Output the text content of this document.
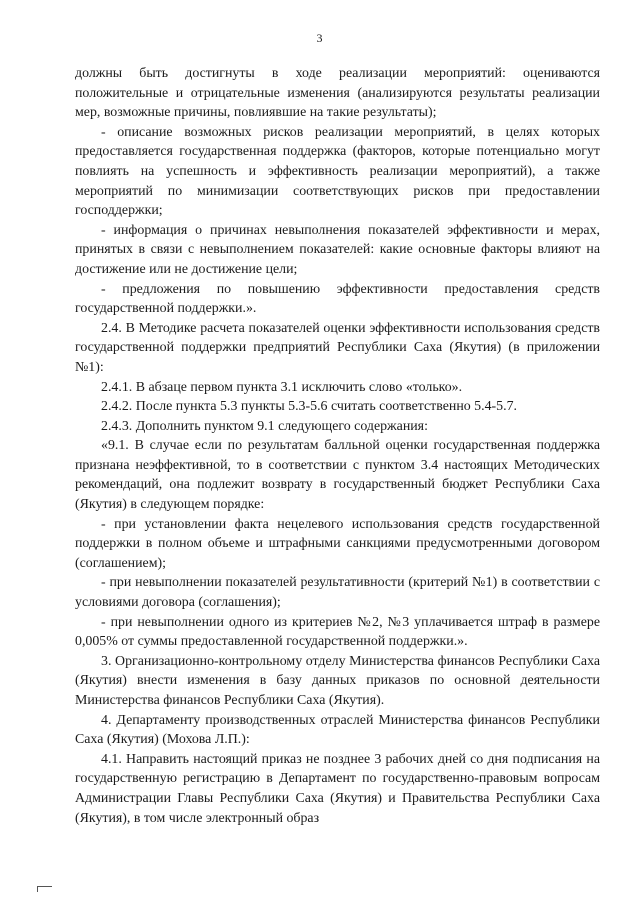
3

должны быть достигнуты в ходе реализации мероприятий: оцениваются положительные и отрицательные изменения (анализируются результаты реализации мер, возможные причины, повлиявшие на такие результаты);

- описание возможных рисков реализации мероприятий, в целях которых предоставляется государственная поддержка (факторов, которые потенциально могут повлиять на успешность и эффективность реализации мероприятий), а также мероприятий по минимизации соответствующих рисков при предоставлении господдержки;

- информация о причинах невыполнения показателей эффективности и мерах, принятых в связи с невыполнением показателей: какие основные факторы влияют на достижение или не достижение цели;

- предложения по повышению эффективности предоставления средств государственной поддержки.».

2.4. В Методике расчета показателей оценки эффективности использования средств государственной поддержки предприятий Республики Саха (Якутия) (в приложении №1):

2.4.1. В абзаце первом пункта 3.1 исключить слово «только».

2.4.2. После пункта 5.3 пункты 5.3-5.6 считать соответственно 5.4-5.7.

2.4.3. Дополнить пунктом 9.1 следующего содержания:

«9.1. В случае если по результатам балльной оценки государственная поддержка признана неэффективной, то в соответствии с пунктом 3.4 настоящих Методических рекомендаций, она подлежит возврату в государственный бюджет Республики Саха (Якутия) в следующем порядке:

- при установлении факта нецелевого использования средств государственной поддержки в полном объеме и штрафными санкциями предусмотренными договором (соглашением);

- при невыполнении показателей результативности (критерий №1) в соответствии с условиями договора (соглашения);

- при невыполнении одного из критериев №2, №3 уплачивается штраф в размере 0,005% от суммы предоставленной государственной поддержки.».

3. Организационно-контрольному отделу Министерства финансов Республики Саха (Якутия) внести изменения в базу данных приказов по основной деятельности Министерства финансов Республики Саха (Якутия).

4. Департаменту производственных отраслей Министерства финансов Республики Саха (Якутия) (Мохова Л.П.):

4.1. Направить настоящий приказ не позднее 3 рабочих дней со дня подписания на государственную регистрацию в Департамент по государственно-правовым вопросам Администрации Главы Республики Саха (Якутия) и Правительства Республики Саха (Якутия), в том числе электронный образ
